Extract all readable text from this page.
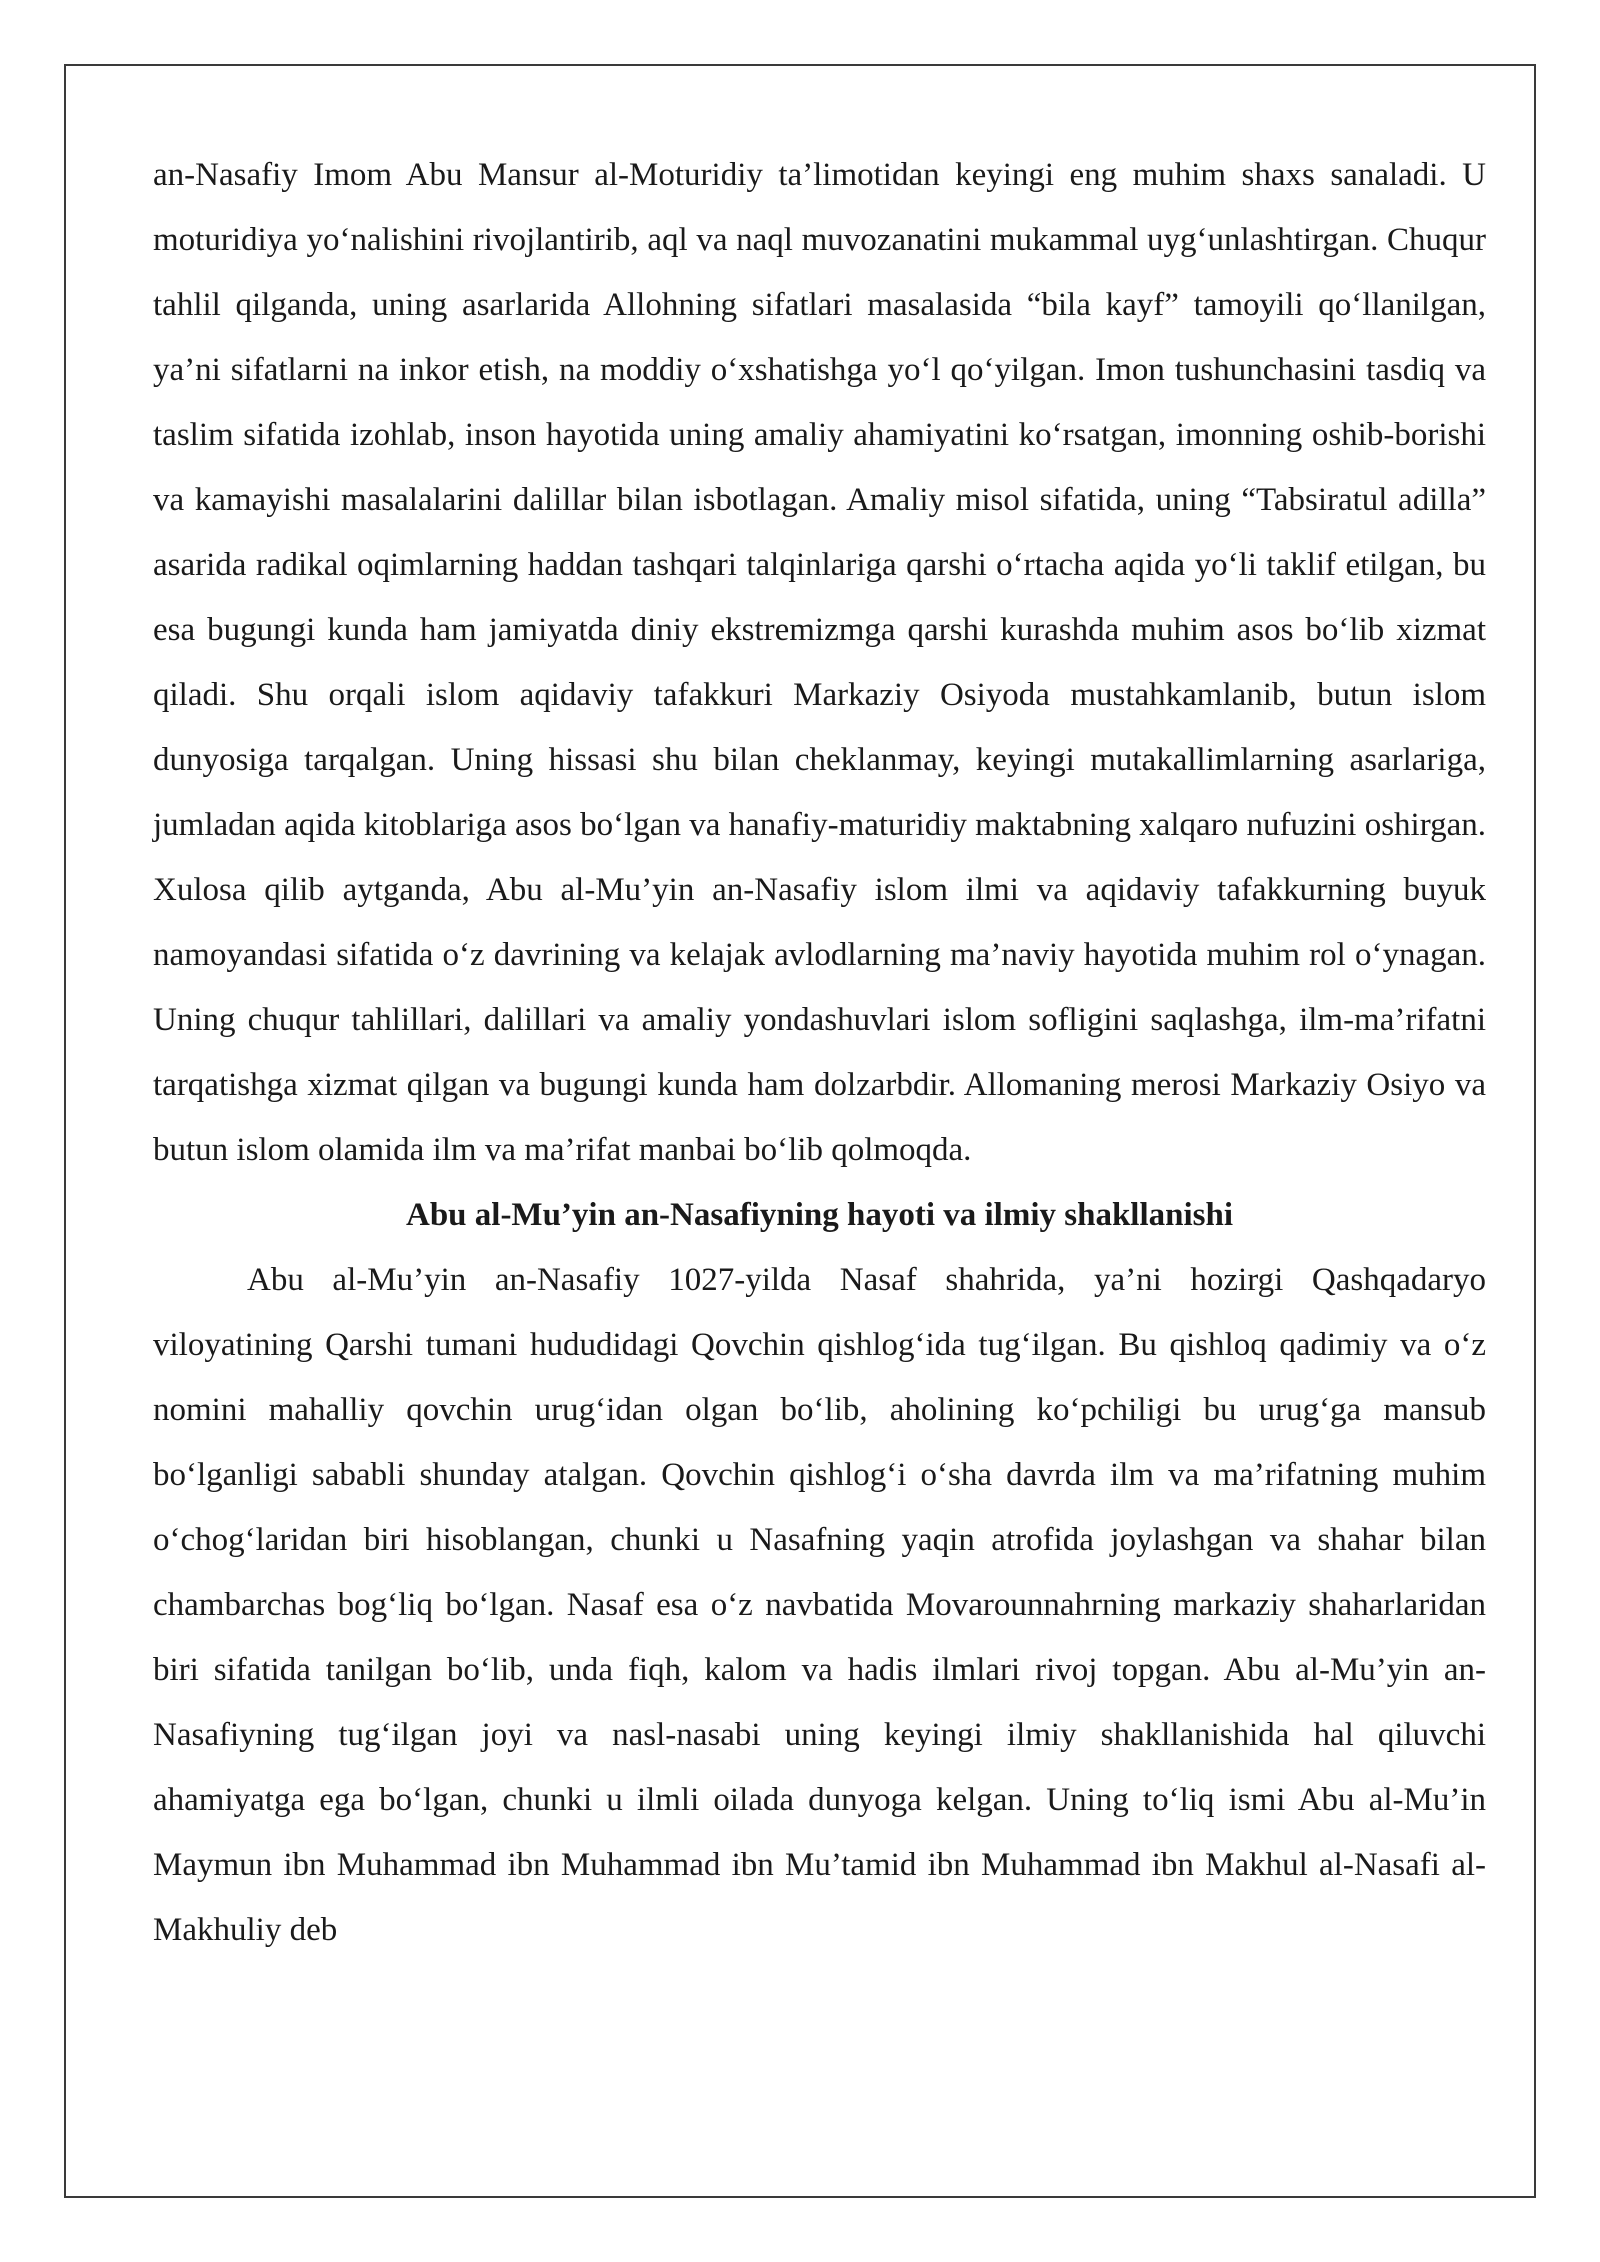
an-Nasafiy Imom Abu Mansur al-Moturidiy ta’limotidan keyingi eng muhim shaxs sanaladi. U moturidiya yo‘nalishini rivojlantirib, aql va naql muvozanatini mukammal uyg‘unlashtirgan. Chuqur tahlil qilganda, uning asarlarida Allohning sifatlari masalasida “bila kayf” tamoyili qo‘llanilgan, ya’ni sifatlarni na inkor etish, na moddiy o‘xshatishga yo‘l qo‘yilgan. Imon tushunchasini tasdiq va taslim sifatida izohlab, inson hayotida uning amaliy ahamiyatini ko‘rsatgan, imonning oshib-borishi va kamayishi masalalarini dalillar bilan isbotlagan. Amaliy misol sifatida, uning “Tabsiratul adilla” asarida radikal oqimlarning haddan tashqari talqinlariga qarshi o‘rtacha aqida yo‘li taklif etilgan, bu esa bugungi kunda ham jamiyatda diniy ekstremizmga qarshi kurashda muhim asos bo‘lib xizmat qiladi. Shu orqali islom aqidaviy tafakkuri Markaziy Osiyoda mustahkamlanib, butun islom dunyosiga tarqalgan. Uning hissasi shu bilan cheklanmay, keyingi mutakallimlarning asarlariga, jumladan aqida kitoblariga asos bo‘lgan va hanafiy-maturidiy maktabning xalqaro nufuzini oshirgan. Xulosa qilib aytganda, Abu al-Mu’yin an-Nasafiy islom ilmi va aqidaviy tafakkurning buyuk namoyandasi sifatida o‘z davrining va kelajak avlodlarning ma’naviy hayotida muhim rol o‘ynagan. Uning chuqur tahlillari, dalillari va amaliy yondashuvlari islom sofligini saqlashga, ilm-ma’rifatni tarqatishga xizmat qilgan va bugungi kunda ham dolzarbdir. Allomaning merosi Markaziy Osiyo va butun islom olamida ilm va ma’rifat manbai bo‘lib qolmoqda.

Abu al-Mu’yin an-Nasafiyning hayoti va ilmiy shakllanishi

Abu al-Mu’yin an-Nasafiy 1027-yilda Nasaf shahrida, ya’ni hozirgi Qashqadaryo viloyatining Qarshi tumani hududidagi Qovchin qishlog‘ida tug‘ilgan. Bu qishloq qadimiy va o‘z nomini mahalliy qovchin urug‘idan olgan bo‘lib, aholining ko‘pchiligi bu urug‘ga mansub bo‘lganligi sababli shunday atalgan. Qovchin qishlog‘i o‘sha davrda ilm va ma’rifatning muhim o‘chog‘laridan biri hisoblangan, chunki u Nasafning yaqin atrofida joylashgan va shahar bilan chambarchas bog‘liq bo‘lgan. Nasaf esa o‘z navbatida Movarounnahrning markaziy shaharlaridan biri sifatida tanilgan bo‘lib, unda fiqh, kalom va hadis ilmlari rivoj topgan. Abu al-Mu’yin an-Nasafiyning tug‘ilgan joyi va nasl-nasabi uning keyingi ilmiy shakllanishida hal qiluvchi ahamiyatga ega bo‘lgan, chunki u ilmli oilada dunyoga kelgan. Uning to‘liq ismi Abu al-Mu’in Maymun ibn Muhammad ibn Muhammad ibn Mu’tamid ibn Muhammad ibn Makhul al-Nasafi al-Makhuliy deb
